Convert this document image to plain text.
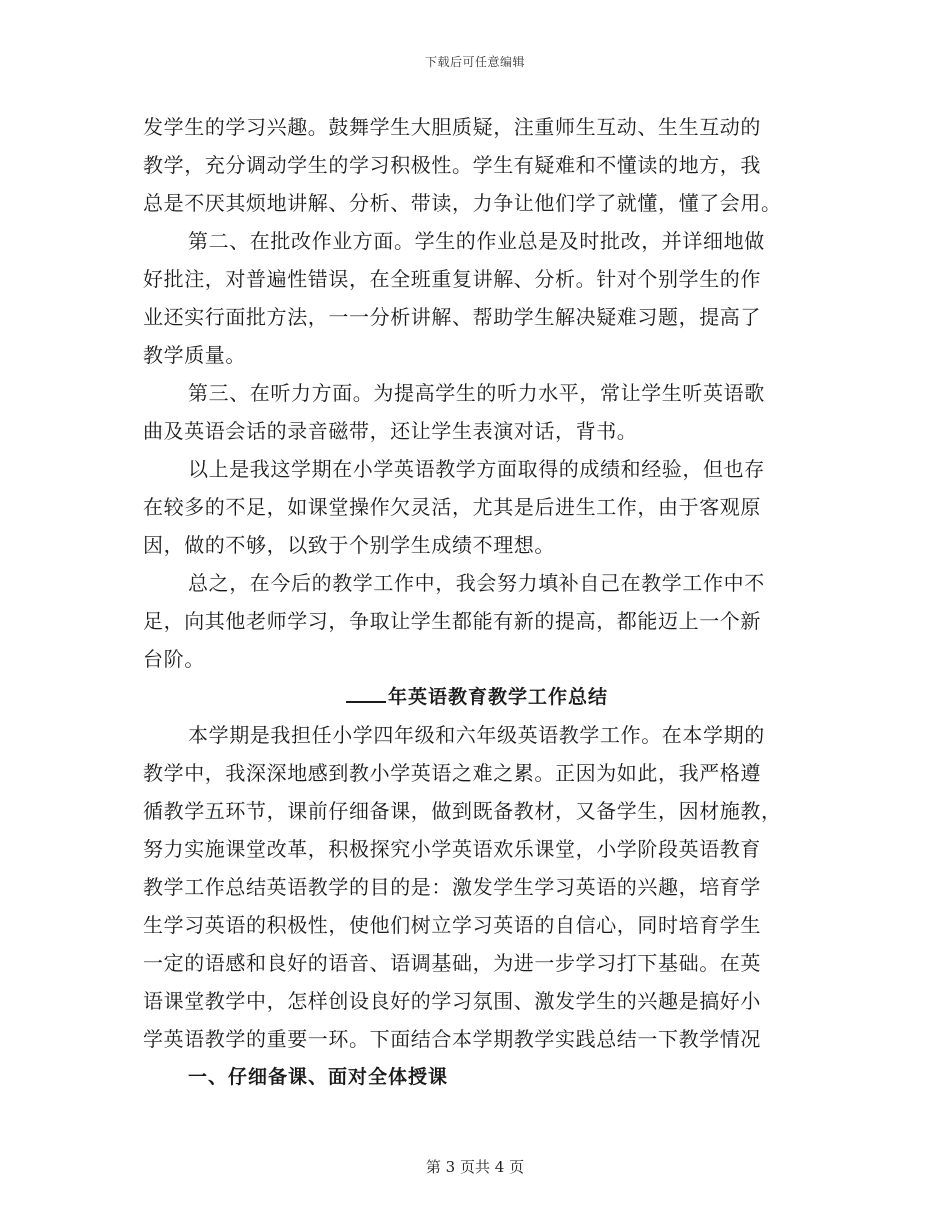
下载后可任意编辑
发学生的学习兴趣。鼓舞学生大胆质疑，注重师生互动、生生互动的
教学，充分调动学生的学习积极性。学生有疑难和不懂读的地方，我
总是不厌其烦地讲解、分析、带读，力争让他们学了就懂，懂了会用。
第二、在批改作业方面。学生的作业总是及时批改，并详细地做
好批注，对普遍性错误，在全班重复讲解、分析。针对个别学生的作
业还实行面批方法，一一分析讲解、帮助学生解决疑难习题，提高了
教学质量。
第三、在听力方面。为提高学生的听力水平，常让学生听英语歌
曲及英语会话的录音磁带，还让学生表演对话，背书。
以上是我这学期在小学英语教学方面取得的成绩和经验，但也存
在较多的不足，如课堂操作欠灵活，尤其是后进生工作，由于客观原
因，做的不够，以致于个别学生成绩不理想。
总之，在今后的教学工作中，我会努力填补自己在教学工作中不
足，向其他老师学习，争取让学生都能有新的提高，都能迈上一个新
台阶。
年英语教育教学工作总结
本学期是我担任小学四年级和六年级英语教学工作。在本学期的
教学中，我深深地感到教小学英语之难之累。正因为如此，我严格遵
循教学五环节，课前仔细备课，做到既备教材，又备学生，因材施教，
努力实施课堂改革，积极探究小学英语欢乐课堂，小学阶段英语教育
教学工作总结英语教学的目的是：激发学生学习英语的兴趣，培育学
生学习英语的积极性，使他们树立学习英语的自信心，同时培育学生
一定的语感和良好的语音、语调基础，为进一步学习打下基础。在英
语课堂教学中，怎样创设良好的学习氛围、激发学生的兴趣是搞好小
学英语教学的重要一环。下面结合本学期教学实践总结一下教学情况
一、仔细备课、面对全体授课
第 3 页共 4 页
